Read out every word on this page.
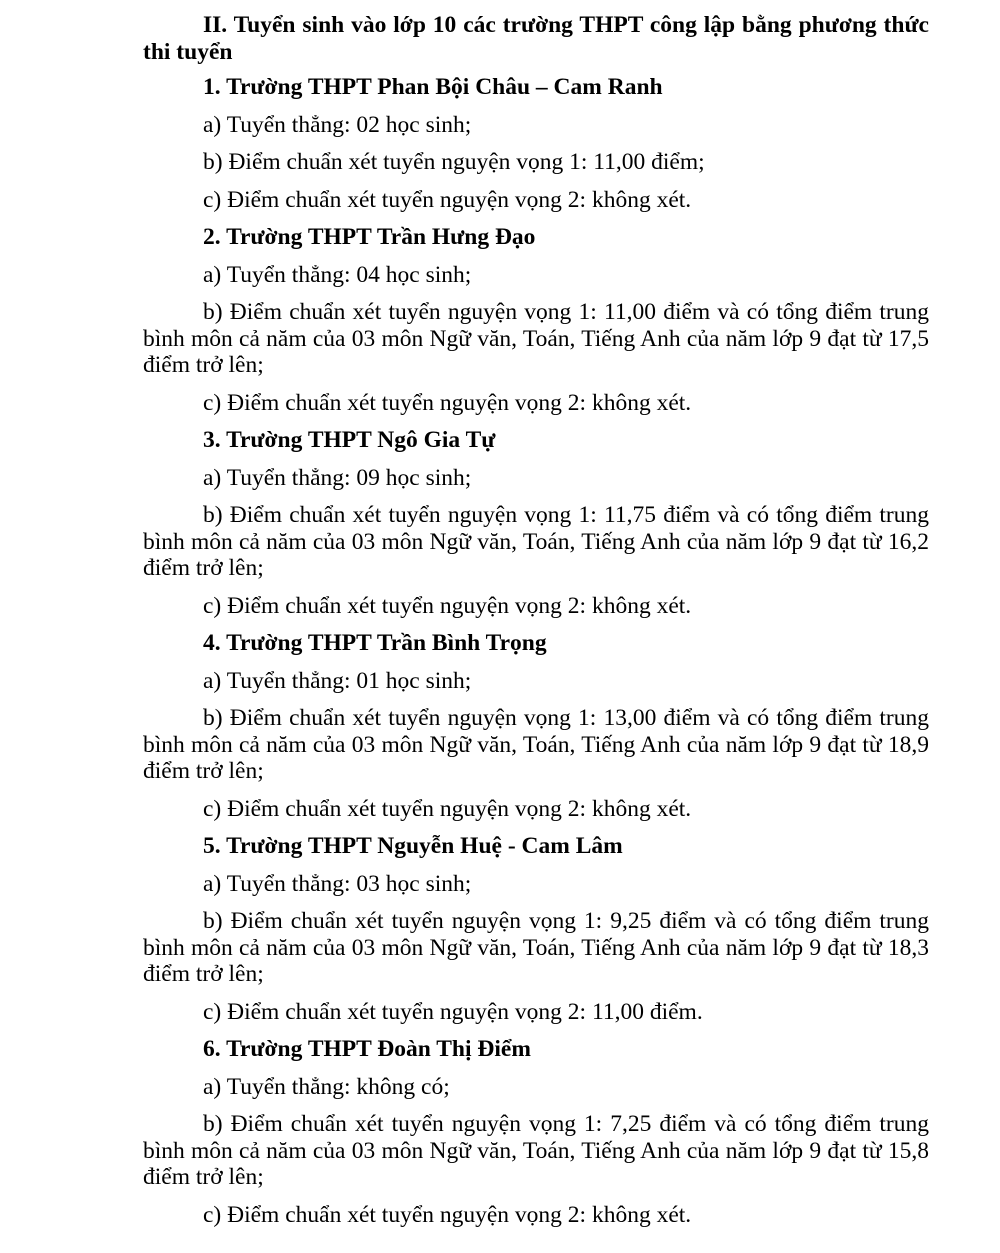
II. Tuyển sinh vào lớp 10 các trường THPT công lập bằng phương thức thi tuyển

1. Trường THPT Phan Bội Châu – Cam Ranh

a) Tuyển thẳng: 02 học sinh;

b) Điểm chuẩn xét tuyển nguyện vọng 1: 11,00 điểm;

c) Điểm chuẩn xét tuyển nguyện vọng 2: không xét.

2. Trường THPT Trần Hưng Đạo

a) Tuyển thẳng: 04 học sinh;

b) Điểm chuẩn xét tuyển nguyện vọng 1: 11,00 điểm và có tổng điểm trung bình môn cả năm của 03 môn Ngữ văn, Toán, Tiếng Anh của năm lớp 9 đạt từ 17,5 điểm trở lên;

c) Điểm chuẩn xét tuyển nguyện vọng 2: không xét.

3. Trường THPT Ngô Gia Tự

a) Tuyển thẳng: 09 học sinh;

b) Điểm chuẩn xét tuyển nguyện vọng 1: 11,75 điểm và có tổng điểm trung bình môn cả năm của 03 môn Ngữ văn, Toán, Tiếng Anh của năm lớp 9 đạt từ 16,2 điểm trở lên;

c) Điểm chuẩn xét tuyển nguyện vọng 2: không xét.

4. Trường THPT Trần Bình Trọng

a) Tuyển thẳng: 01 học sinh;

b) Điểm chuẩn xét tuyển nguyện vọng 1: 13,00 điểm và có tổng điểm trung bình môn cả năm của 03 môn Ngữ văn, Toán, Tiếng Anh của năm lớp 9 đạt từ 18,9 điểm trở lên;

c) Điểm chuẩn xét tuyển nguyện vọng 2: không xét.

5. Trường THPT Nguyễn Huệ - Cam Lâm

a) Tuyển thẳng: 03 học sinh;

b) Điểm chuẩn xét tuyển nguyện vọng 1: 9,25 điểm và có tổng điểm trung bình môn cả năm của 03 môn Ngữ văn, Toán, Tiếng Anh của năm lớp 9 đạt từ 18,3 điểm trở lên;

c) Điểm chuẩn xét tuyển nguyện vọng 2: 11,00 điểm.

6. Trường THPT Đoàn Thị Điểm

a) Tuyển thẳng: không có;

b) Điểm chuẩn xét tuyển nguyện vọng 1: 7,25 điểm và có tổng điểm trung bình môn cả năm của 03 môn Ngữ văn, Toán, Tiếng Anh của năm lớp 9 đạt từ 15,8 điểm trở lên;

c) Điểm chuẩn xét tuyển nguyện vọng 2: không xét.
